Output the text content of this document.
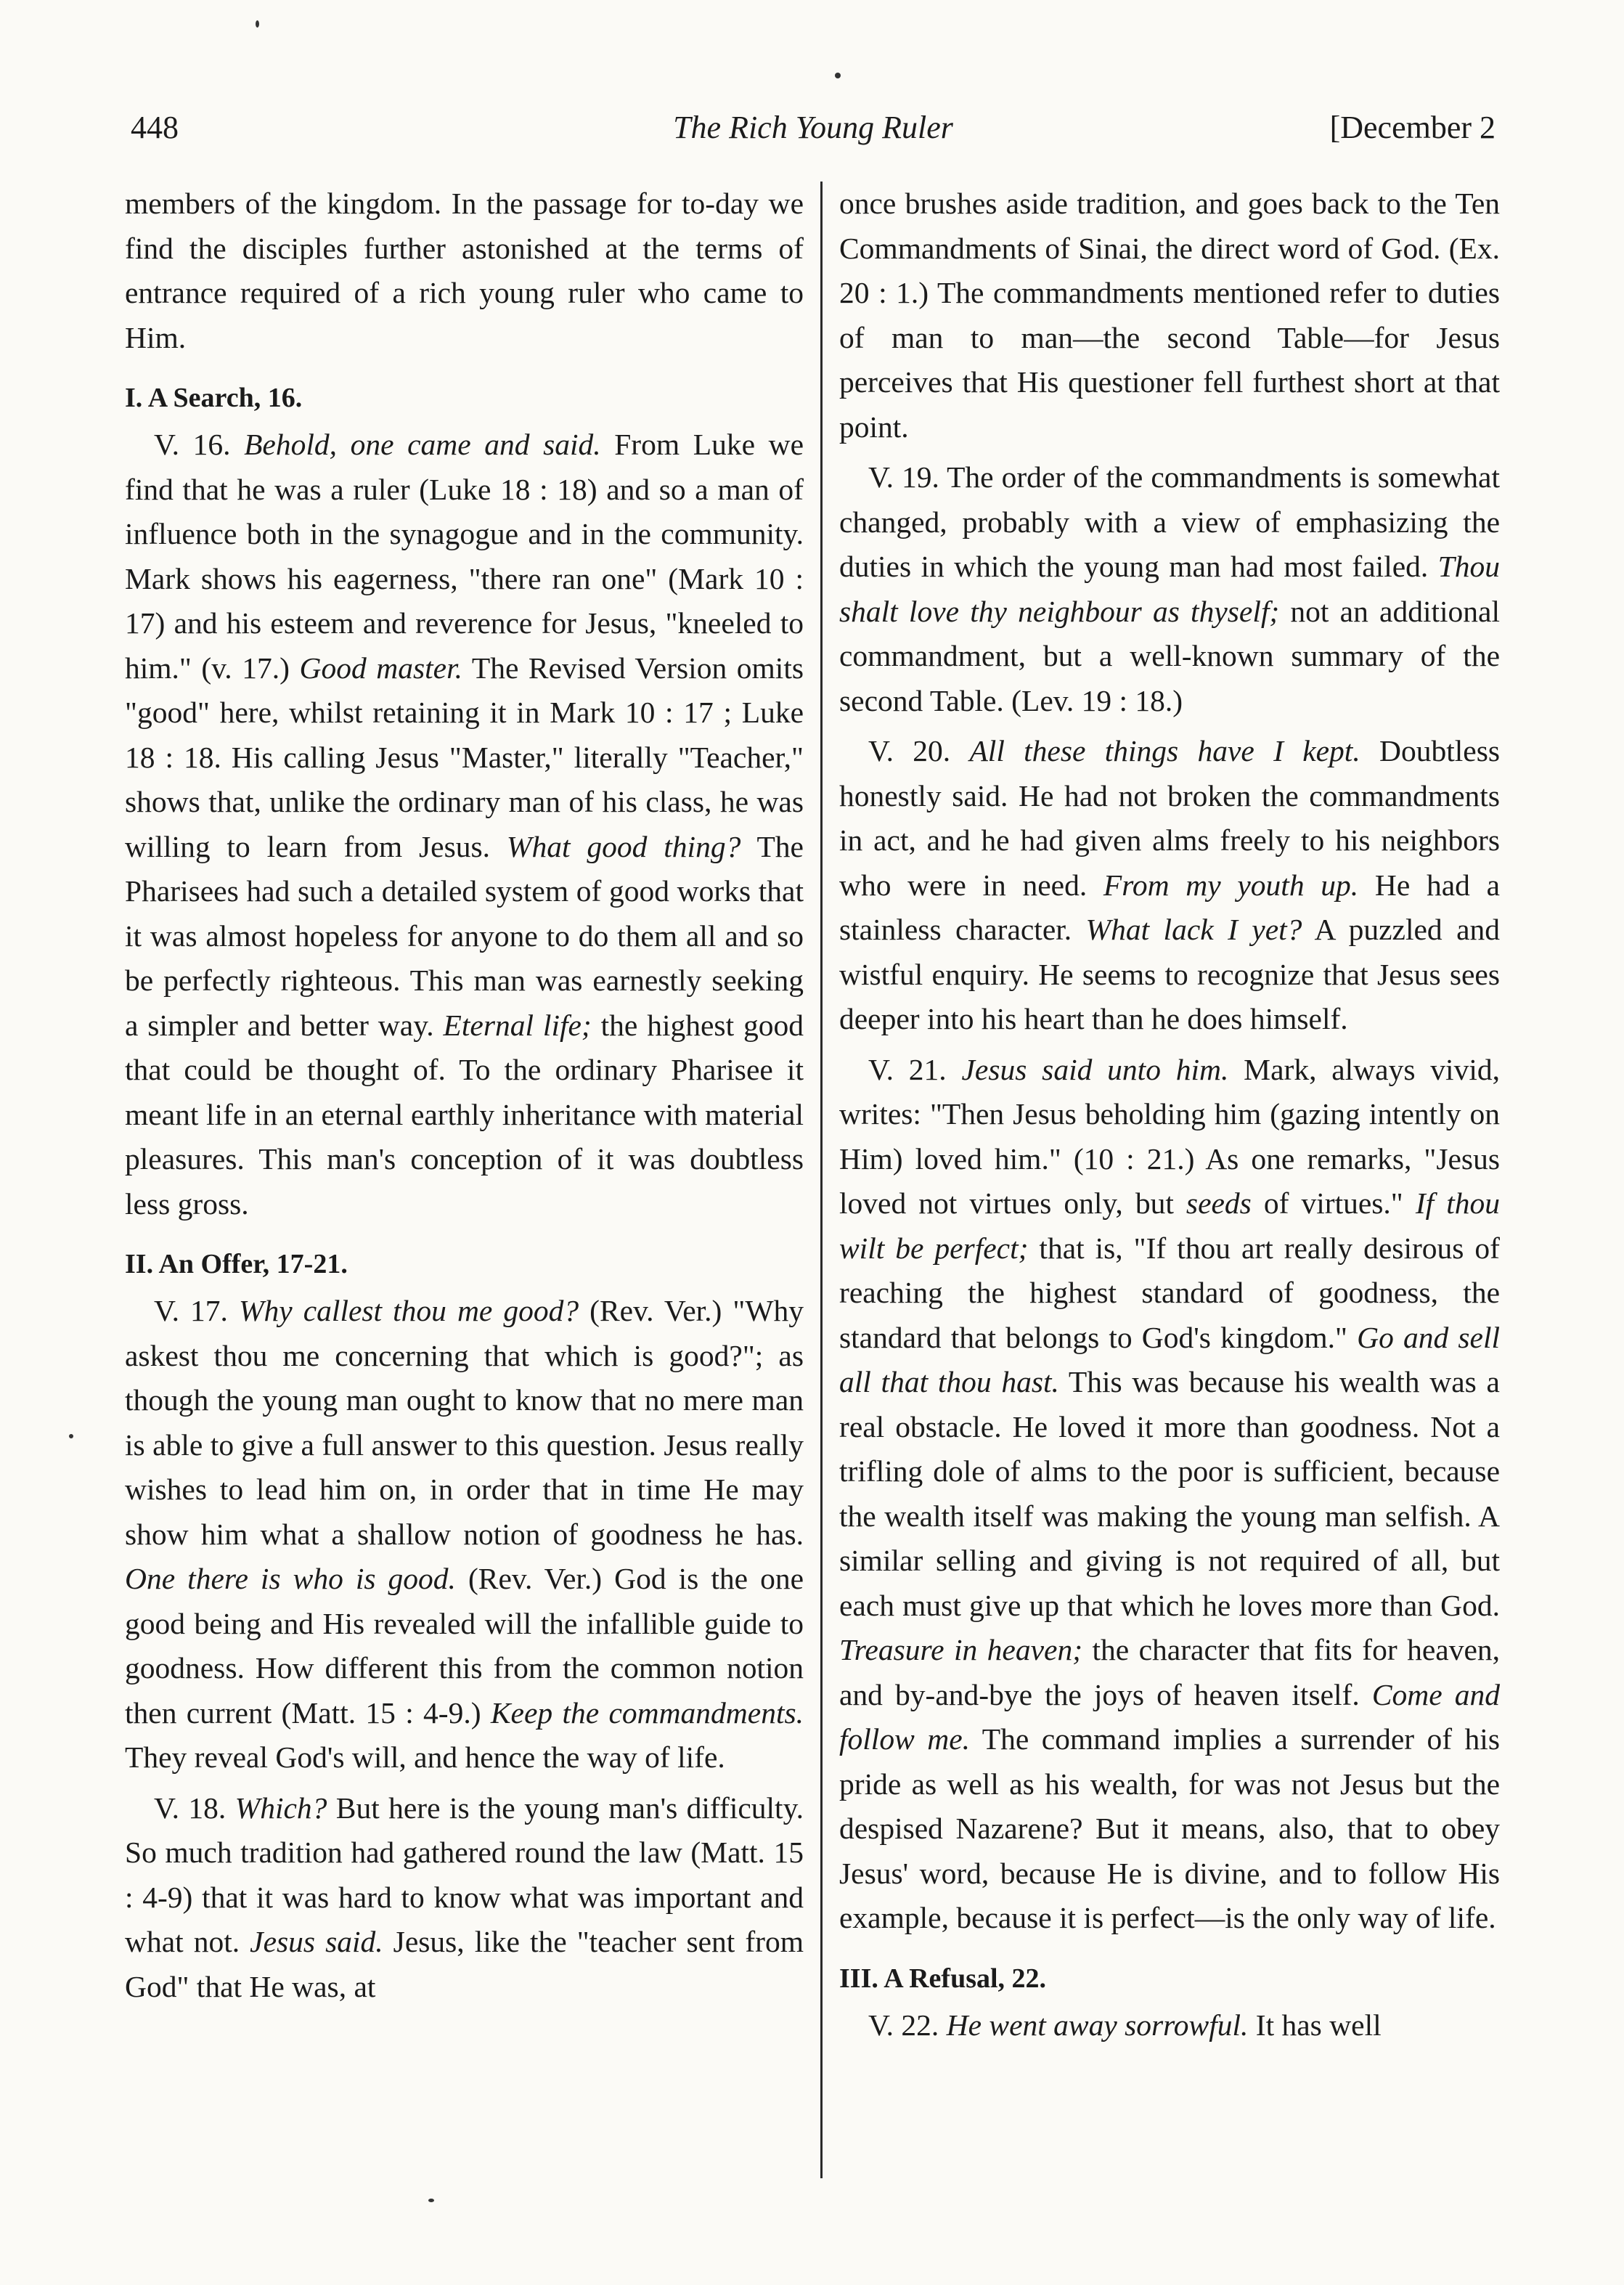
448	The Rich Young Ruler	[December 2

members of the kingdom. In the passage for to-day we find the disciples further astonished at the terms of entrance required of a rich young ruler who came to Him.

I. A Search, 16.

V. 16. Behold, one came and said. From Luke we find that he was a ruler (Luke 18 : 18) and so a man of influence both in the synagogue and in the community. Mark shows his eagerness, "there ran one" (Mark 10 : 17) and his esteem and reverence for Jesus, "kneeled to him." (v. 17.) Good master. The Revised Version omits "good" here, whilst retaining it in Mark 10 : 17 ; Luke 18 : 18. His calling Jesus "Master," literally "Teacher," shows that, unlike the ordinary man of his class, he was willing to learn from Jesus. What good thing? The Pharisees had such a detailed system of good works that it was almost hopeless for anyone to do them all and so be perfectly righteous. This man was earnestly seeking a simpler and better way. Eternal life; the highest good that could be thought of. To the ordinary Pharisee it meant life in an eternal earthly inheritance with material pleasures. This man's conception of it was doubtless less gross.

II. An Offer, 17-21.

V. 17. Why callest thou me good? (Rev. Ver.) "Why askest thou me concerning that which is good?"; as though the young man ought to know that no mere man is able to give a full answer to this question. Jesus really wishes to lead him on, in order that in time He may show him what a shallow notion of goodness he has. One there is who is good. (Rev. Ver.) God is the one good being and His revealed will the infallible guide to goodness. How different this from the common notion then current (Matt. 15 : 4-9.) Keep the commandments. They reveal God's will, and hence the way of life.

V. 18. Which? But here is the young man's difficulty. So much tradition had gathered round the law (Matt. 15 : 4-9) that it was hard to know what was important and what not. Jesus said. Jesus, like the "teacher sent from God" that He was, at

once brushes aside tradition, and goes back to the Ten Commandments of Sinai, the direct word of God. (Ex. 20 : 1.) The commandments mentioned refer to duties of man to man—the second Table—for Jesus perceives that His questioner fell furthest short at that point.

V. 19. The order of the commandments is somewhat changed, probably with a view of emphasizing the duties in which the young man had most failed. Thou shalt love thy neighbour as thyself; not an additional commandment, but a well-known summary of the second Table. (Lev. 19 : 18.)

V. 20. All these things have I kept. Doubtless honestly said. He had not broken the commandments in act, and he had given alms freely to his neighbors who were in need. From my youth up. He had a stainless character. What lack I yet? A puzzled and wistful enquiry. He seems to recognize that Jesus sees deeper into his heart than he does himself.

V. 21. Jesus said unto him. Mark, always vivid, writes: "Then Jesus beholding him (gazing intently on Him) loved him." (10 : 21.) As one remarks, "Jesus loved not virtues only, but seeds of virtues." If thou wilt be perfect; that is, "If thou art really desirous of reaching the highest standard of goodness, the standard that belongs to God's kingdom." Go and sell all that thou hast. This was because his wealth was a real obstacle. He loved it more than goodness. Not a trifling dole of alms to the poor is sufficient, because the wealth itself was making the young man selfish. A similar selling and giving is not required of all, but each must give up that which he loves more than God. Treasure in heaven; the character that fits for heaven, and by-and-bye the joys of heaven itself. Come and follow me. The command implies a surrender of his pride as well as his wealth, for was not Jesus but the despised Nazarene? But it means, also, that to obey Jesus' word, because He is divine, and to follow His example, because it is perfect—is the only way of life.

III. A Refusal, 22.

V. 22. He went away sorrowful. It has well
